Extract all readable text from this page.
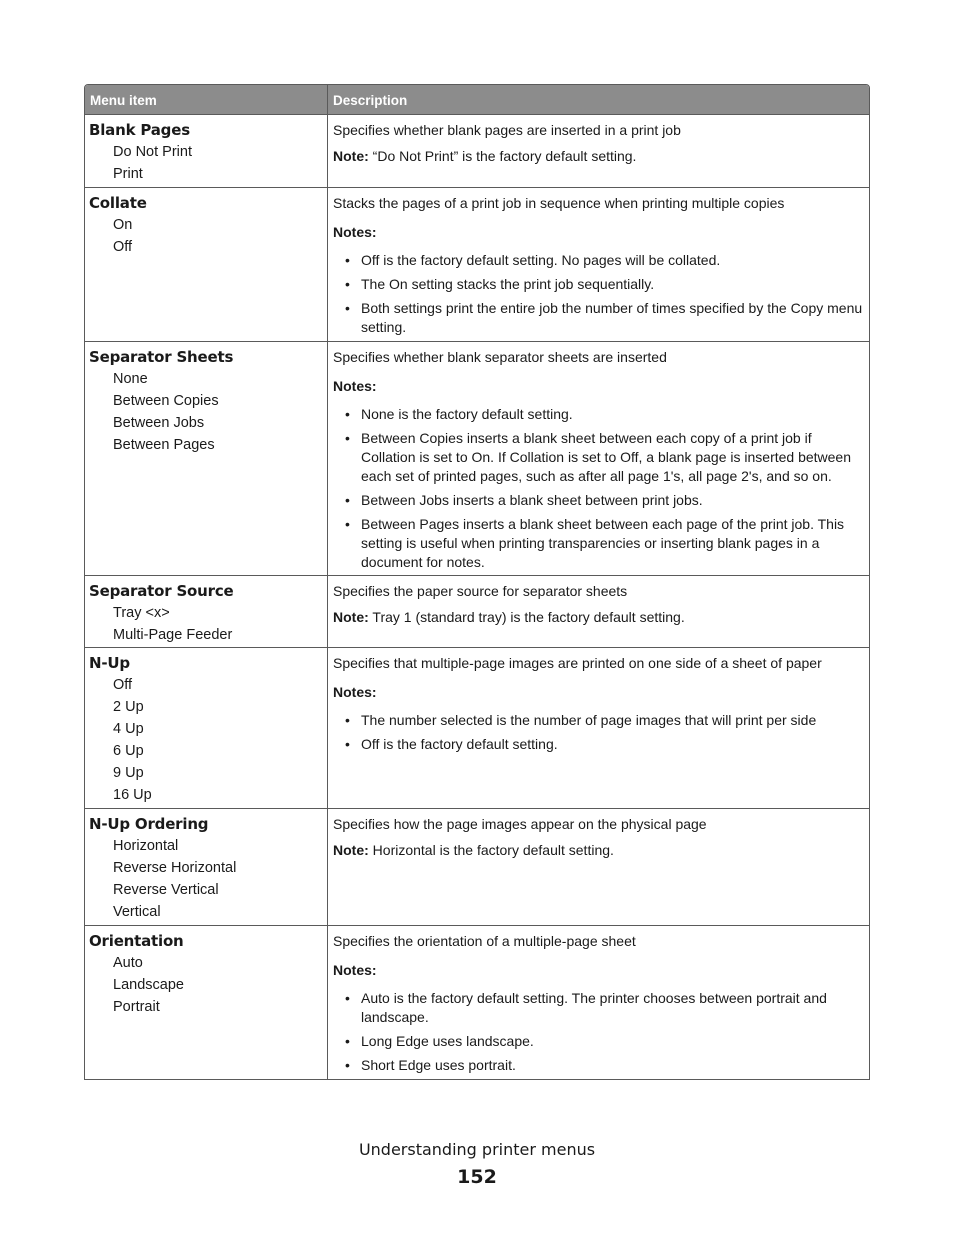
Menu item	Description
Blank Pages
Do Not Print
Print

Specifies whether blank pages are inserted in a print job

Note: “Do Not Print” is the factory default setting.

Collate
On
Off

Stacks the pages of a print job in sequence when printing multiple copies

Notes:

• Off is the factory default setting. No pages will be collated.
• The On setting stacks the print job sequentially.
• Both settings print the entire job the number of times specified by the Copy menu setting.
Separator Sheets
None
Between Copies
Between Jobs
Between Pages

Specifies whether blank separator sheets are inserted

Notes:

• None is the factory default setting.
• Between Copies inserts a blank sheet between each copy of a print job if Collation is set to On. If Collation is set to Off, a blank page is inserted between each set of printed pages, such as after all page 1's, all page 2's, and so on.
• Between Jobs inserts a blank sheet between print jobs.
• Between Pages inserts a blank sheet between each page of the print job. This setting is useful when printing transparencies or inserting blank pages in a document for notes.
Separator Source
Tray <x>
Multi-Page Feeder

Specifies the paper source for separator sheets

Note: Tray 1 (standard tray) is the factory default setting.

N-Up
Off
2 Up
4 Up
6 Up
9 Up
16 Up

Specifies that multiple-page images are printed on one side of a sheet of paper

Notes:

• The number selected is the number of page images that will print per side
• Off is the factory default setting.
N-Up Ordering
Horizontal
Reverse Horizontal
Reverse Vertical
Vertical

Specifies how the page images appear on the physical page

Note: Horizontal is the factory default setting.

Orientation
Auto
Landscape
Portrait

Specifies the orientation of a multiple-page sheet

Notes:

• Auto is the factory default setting. The printer chooses between portrait and landscape.
• Long Edge uses landscape.
• Short Edge uses portrait.
Understanding printer menus
152
